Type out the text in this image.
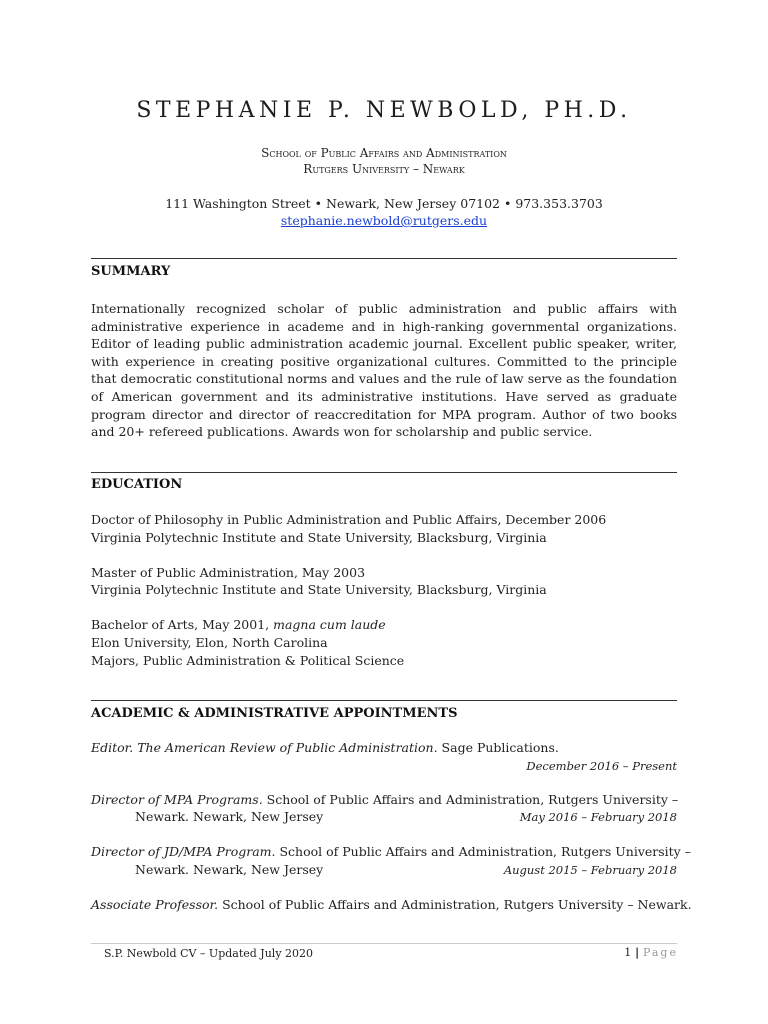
STEPHANIE P. NEWBOLD, PH.D.
School of Public Affairs and Administration
Rutgers University – Newark
111 Washington Street • Newark, New Jersey 07102 • 973.353.3703
stephanie.newbold@rutgers.edu
SUMMARY

Internationally recognized scholar of public administration and public affairs with administrative experience in academe and in high-ranking governmental organizations. Editor of leading public administration academic journal. Excellent public speaker, writer, with experience in creating positive organizational cultures. Committed to the principle that democratic constitutional norms and values and the rule of law serve as the foundation of American government and its administrative institutions. Have served as graduate program director and director of reaccreditation for MPA program. Author of two books and 20+ refereed publications. Awards won for scholarship and public service.

EDUCATION
Doctor of Philosophy in Public Administration and Public Affairs, December 2006
Virginia Polytechnic Institute and State University, Blacksburg, Virginia
Master of Public Administration, May 2003
Virginia Polytechnic Institute and State University, Blacksburg, Virginia
Bachelor of Arts, May 2001, magna cum laude
Elon University, Elon, North Carolina
Majors, Public Administration & Political Science
ACADEMIC & ADMINISTRATIVE APPOINTMENTS
Editor. The American Review of Public Administration. Sage Publications.
December 2016 – Present
Director of MPA Programs. School of Public Affairs and Administration, Rutgers University –
Newark. Newark, New Jersey	May 2016 – February 2018
Director of JD/MPA Program. School of Public Affairs and Administration, Rutgers University –
Newark. Newark, New Jersey	August 2015 – February 2018
Associate Professor. School of Public Affairs and Administration, Rutgers University – Newark.
S.P. Newbold CV – Updated July 2020	1 | Page
